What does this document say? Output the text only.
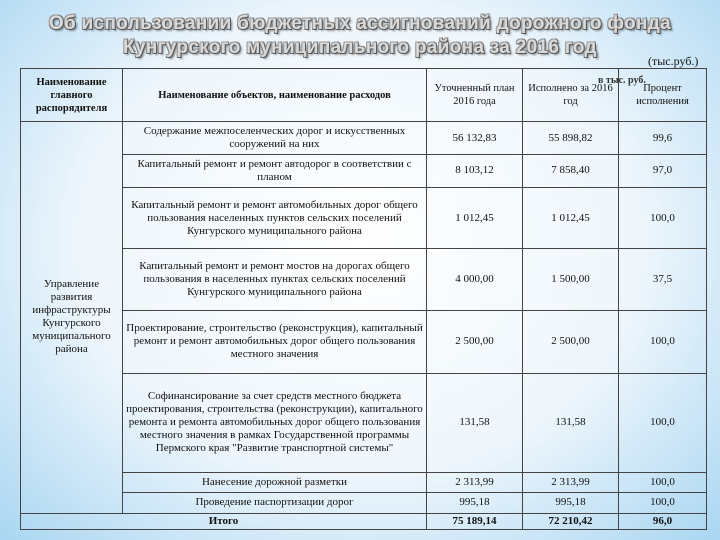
Об использовании бюджетных ассигнований дорожного фонда
Кунгурского муниципального района за 2016 год
(тыс.руб.)
Наименование главного распорядителя	Наименование объектов, наименование расходов	Уточненный план 2016 года	Исполнено за 2016 год	Процент исполнения
Управление развития инфраструктуры Кунгурского муниципального района	Содержание межпоселенческих дорог и искусственных сооружений на них	56 132,83	55 898,82	99,6
	Капитальный ремонт и ремонт автодорог в соответствии с планом	8 103,12	7 858,40	97,0
	Капитальный ремонт и ремонт автомобильных дорог общего пользования населенных пунктов сельских поселений Кунгурского муниципального района	1 012,45	1 012,45	100,0
	Капитальный ремонт и ремонт мостов на дорогах общего пользования в населенных пунктах сельских поселений Кунгурского муниципального района	4 000,00	1 500,00	37,5
	Проектирование, строительство (реконструкция), капитальный ремонт и ремонт автомобильных дорог общего пользования местного значения	2 500,00	2 500,00	100,0
	Софинансирование за счет средств местного бюджета проектирования, строительства (реконструкции), капитального ремонта и ремонта автомобильных дорог общего пользования местного значения в рамках Государственной программы Пермского края "Развитие транспортной системы"	131,58	131,58	100,0
	Нанесение дорожной разметки	2 313,99	2 313,99	100,0
	Проведение паспортизации дорог	995,18	995,18	100,0
Итого		75 189,14	72 210,42	96,0
в тыс. руб.
